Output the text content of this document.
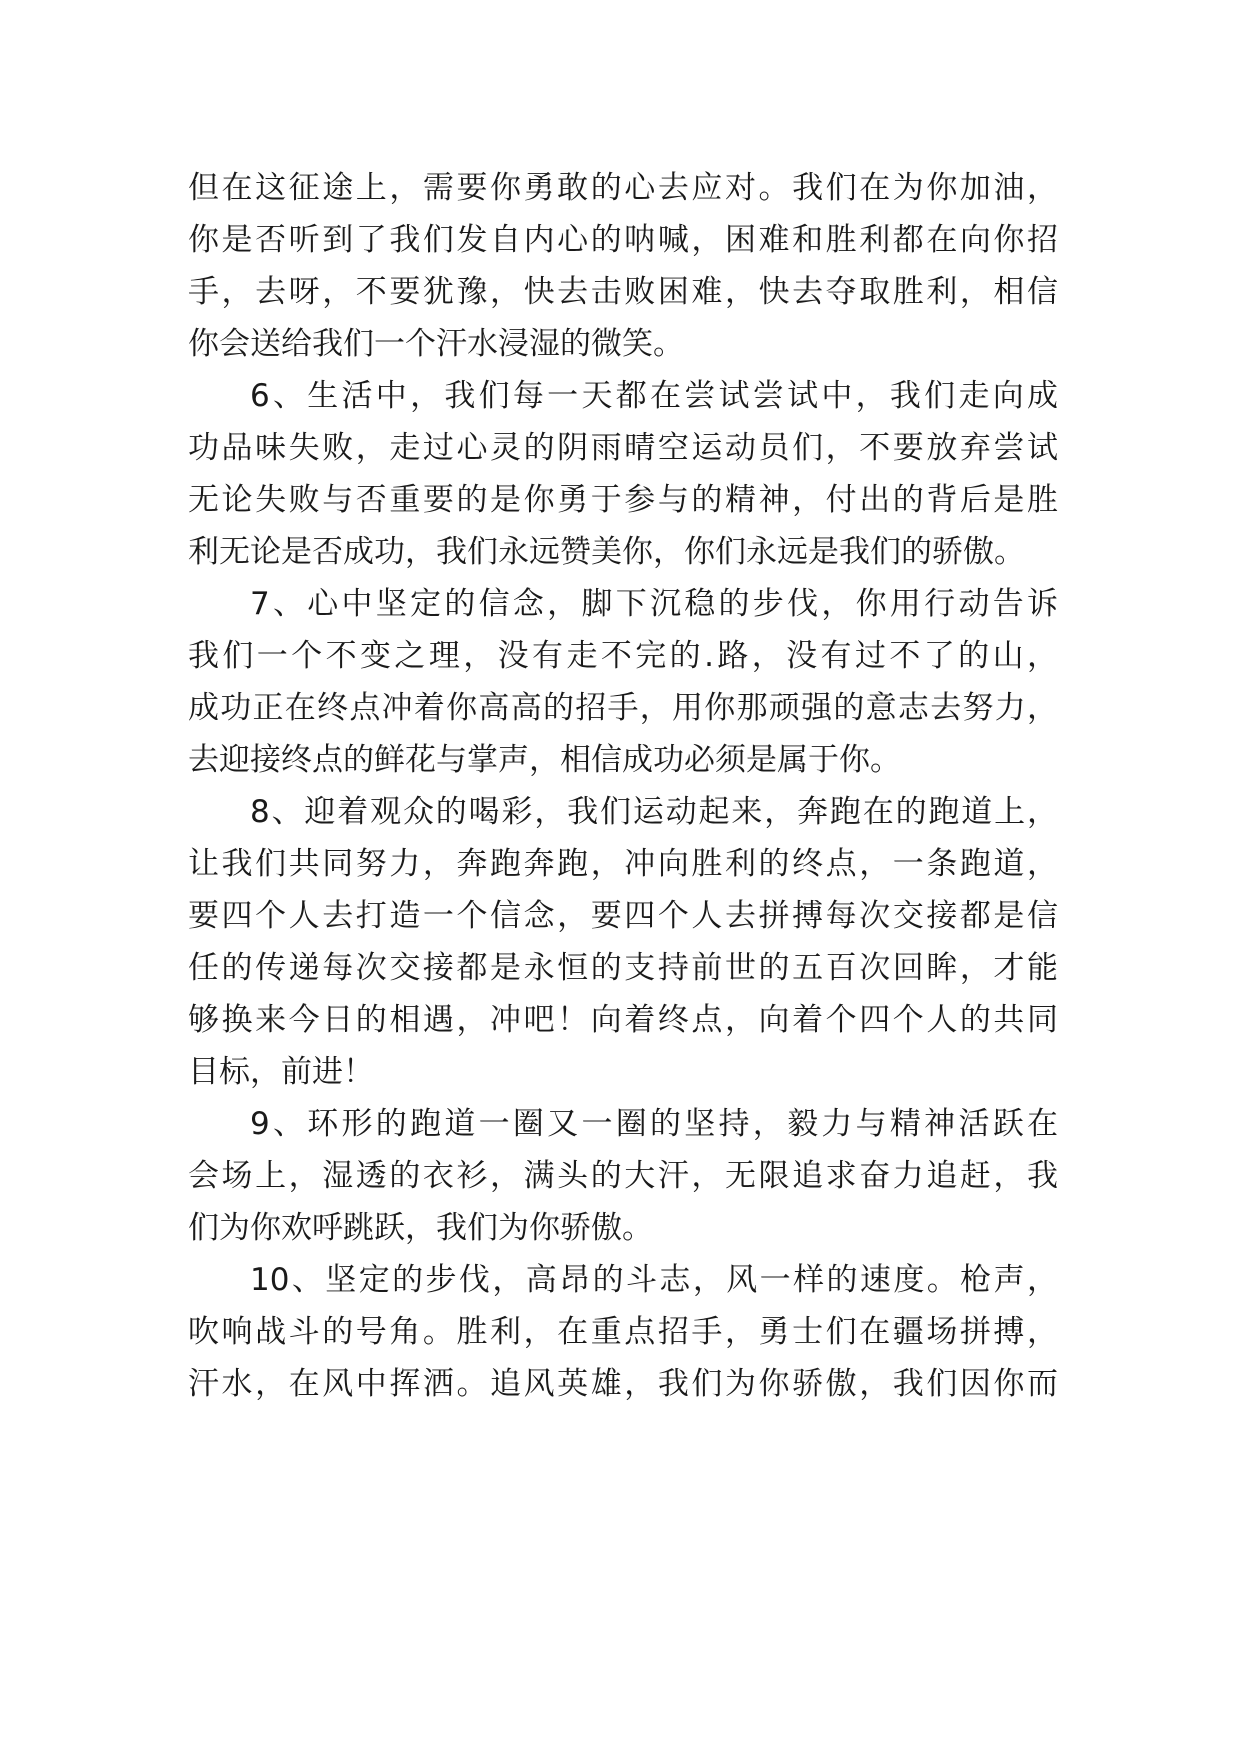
但在这征途上，需要你勇敢的心去应对。我们在为你加油，
你是否听到了我们发自内心的呐喊，困难和胜利都在向你招
手，去呀，不要犹豫，快去击败困难，快去夺取胜利，相信
你会送给我们一个汗水浸湿的微笑。
6、生活中，我们每一天都在尝试尝试中，我们走向成
功品味失败，走过心灵的阴雨晴空运动员们，不要放弃尝试
无论失败与否重要的是你勇于参与的精神，付出的背后是胜
利无论是否成功，我们永远赞美你，你们永远是我们的骄傲。
7、心中坚定的信念，脚下沉稳的步伐，你用行动告诉
我们一个不变之理，没有走不完的.路，没有过不了的山，
成功正在终点冲着你高高的招手，用你那顽强的意志去努力，
去迎接终点的鲜花与掌声，相信成功必须是属于你。
8、迎着观众的喝彩，我们运动起来，奔跑在的跑道上，
让我们共同努力，奔跑奔跑，冲向胜利的终点，一条跑道，
要四个人去打造一个信念，要四个人去拼搏每次交接都是信
任的传递每次交接都是永恒的支持前世的五百次回眸，才能
够换来今日的相遇，冲吧！向着终点，向着个四个人的共同
目标，前进！
9、环形的跑道一圈又一圈的坚持，毅力与精神活跃在
会场上，湿透的衣衫，满头的大汗，无限追求奋力追赶，我
们为你欢呼跳跃，我们为你骄傲。
10、坚定的步伐，高昂的斗志，风一样的速度。枪声，
吹响战斗的号角。胜利，在重点招手，勇士们在疆场拼搏，
汗水，在风中挥洒。追风英雄，我们为你骄傲，我们因你而
